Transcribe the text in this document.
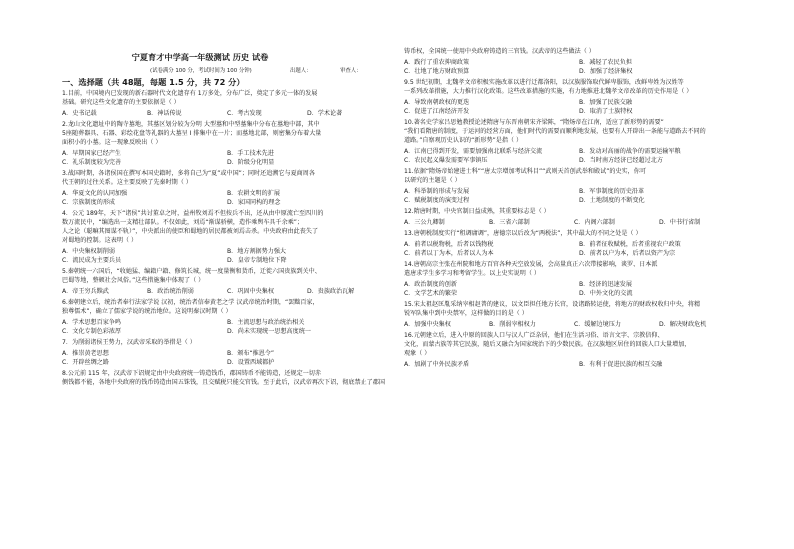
宁夏育才中学高一年级测试 历史 试卷
(试卷满分 100 分，考试时间为 100 分钟)	出题人：	审查人：
一、选择题（共 48题，每题 1.5 分，共 72 分）
1.目前，中国境内已发现的新石器时代文化遗存有 1万多处，分布广泛，奠定了多元一体的发展
基础。研究这些文化遗存的主要依据是（ ）
A．史书记载	B．神话传说	C．考古发现	D．学术论著
2.龙山文化遗址中的陶寺墓地，其墓区划分较为分明 大型墓和中型墓集中分布在墓地中部，其中
5座随葬器具、石器、彩绘花盘等礼器的大墓呈 I 排集中在一片；而墓地北部，则密集分布着大量
面积小的小墓。这一现象反映出（ ）
A．早期国家已经产生	B．手工技术先进
C．礼乐制度较为完善	D．阶级分化明显
3.战国时期，各诸侯国在撰写本国史籍时，多将自己为“夏”或中国”；同时还追溯它与夏商周各
代王朝的过往关系。这主要反映了先秦时期（ ）
A．华夏文化的认同加强	B．农耕文明的扩展
C．宗族制度的形成	D．家国同构的理念
4．公元 189年，天下“诸侯”共讨董卓之时，益州牧刘焉不但按兵不出，还从由中原流亡至四川的
数万流民中，“编选出一支精壮部队。不仅如此，刘焉“渐谋骄横，造作乘舆车具千余乘”；
人之论（聪嘛其图谋不轨）”，中央派出的使臣和蜀地的居民都被刘焉击杀。中央政府由此丧失了
对蜀地的控制。这表明（ ）
A．中央集权制削弱	B．地方割据势力强大
C．流民成为主要兵员	D．皇帝专制地位下降
5.秦朝统一六国后，“收她猛、编籍户籍、修筑长城，统一度量衡和货币，迁徙六国贵族到关中、
巴蜀等地，整顿社会风俗。”这些措施集中体现了（ ）
A．帝王穷兵黩武	B．政治统治削弱	C．巩固中央集权	D．贵族政治瓦解
6.秦朝建立后，统治者奉行法家学说 汉初，统治者信奉黄老之学 汉武帝统治时期，“罢黜百家，
独尊儒术”，确立了儒家学说的统治地位。这说明秦汉时期（ ）
A．学术思想百家争鸣	B．主流思想与政治统治相关
C．文化专制色彩浓厚	D．尚未实现统一思想高度统一
7．为削弱诸侯王势力，汉武帝采取的举措是（ ）
A．推崇黄老思想	B．颁布“推恩令”
C．开辟丝绸之路	D．设置西域都护
8.公元前 115 年，汉武帝下诏规定由中央政府统一铸造钱币，郡国铸币不能铸造，还规定一切赤
侧钱都不能，各地中央政府的钱币铸造由国五铢钱，且交赋税只能交官钱。至于此后，汉武帝再次下诏，彻底禁止了郡国
铸币权，全国统一使用中央政府铸造的三官钱。汉武帝的这些做法（ ）
A．践行了重农抑商政策	B．减轻了农民负担
C．壮地了地方财政预算	D．加强了经济集权
9.5 世纪初期，北魏孝文帝积极实施改革以进行迁都洛阳，以汉族服饰取代鲜卑服饰，改鲜卑姓为汉姓等
一系列改革措施，大力推行汉化政策。这些改革措施的实施，有力地推进北魏孝文帝改革的历史作用是（ ）
A．导致南朝政权的更迭	B．加强了民族交融
C．促进了江南经济开发	D．取消了士族特权
10.著名史学家吕思勉教授论述隋唐与东晋南朝宋齐梁陈，“隋炀帝在江南，适应了新形势的需要”
“我们看隋唐的制度，于运河的经营方面，他们时代的需要而顺利地发展，也要有人开辟出一条能与道路去不同的
道路。”自察观历史认识的“新形势”是指（ ）
A．江南已得到开发，需要加强南北联系与经济交流	B．发动对高丽的战争的需要运输军粮
C．农民起义爆发需要军事镇压	D．当时南方经济已经超过北方
11.依据“隋炀帝始建进士科”“唐太宗增加考试科目”“武则天首创武举和殿试”的史实，你可
以研究的主题是（ ）
A．科举制的形成与发展	B．军事制度的历史沿革
C．赋税制度的演变过程	D．土地制度的不断变化
12.隋唐时期，中央官制日益成熟，其重要标志是（ ）
A．三公九卿制	B．三省六部制	C．内阁六部制	D．中书行省制
13.唐朝税制度实行“租调庸调”，唐德宗以后改为“两税法”，其中最大的不同之处是（ ）
A．前者以税物税，后者以钱物税	B．前者征收赋税，后者重视农户政策
C．前者以丁为本，后者以人为本	D．前者以户为本，后者以资产为宗
14.唐朝高宗主张在州院和地方百官各种天空放发展，会高量真正六次带接影响，谈罗、日本派
遣唐求学生多学习和考留学生。以上史实说明（ ）
A．政治制度的创新	B．经济的迅速发展
C．文学艺术的繁荣	D．中外文化的交流
15.宋太祖赵匡胤采纳宰相赵普的建议，以文臣担任地方长官，设诸路转运使，将地方的财政权收归中央，将精
锐军队集中到中央禁军，这样做的目的是（ ）
A．加强中央集权	B．削弱宰相权力	C．缓解边境压力	D．解决财政危机
16.元朝建立后，进入中原的回族人口与汉人广泛杂居，他们在生活习俗、语言文字、宗教信仰、
文化，而蒙古族等其它民族，随后又融合为国家统治下的少数民族。在汉族地区居住的回族人口大量增加，
观象（ ）
A．加剧了中外民族矛盾	B．有利于促进民族的相互交融
